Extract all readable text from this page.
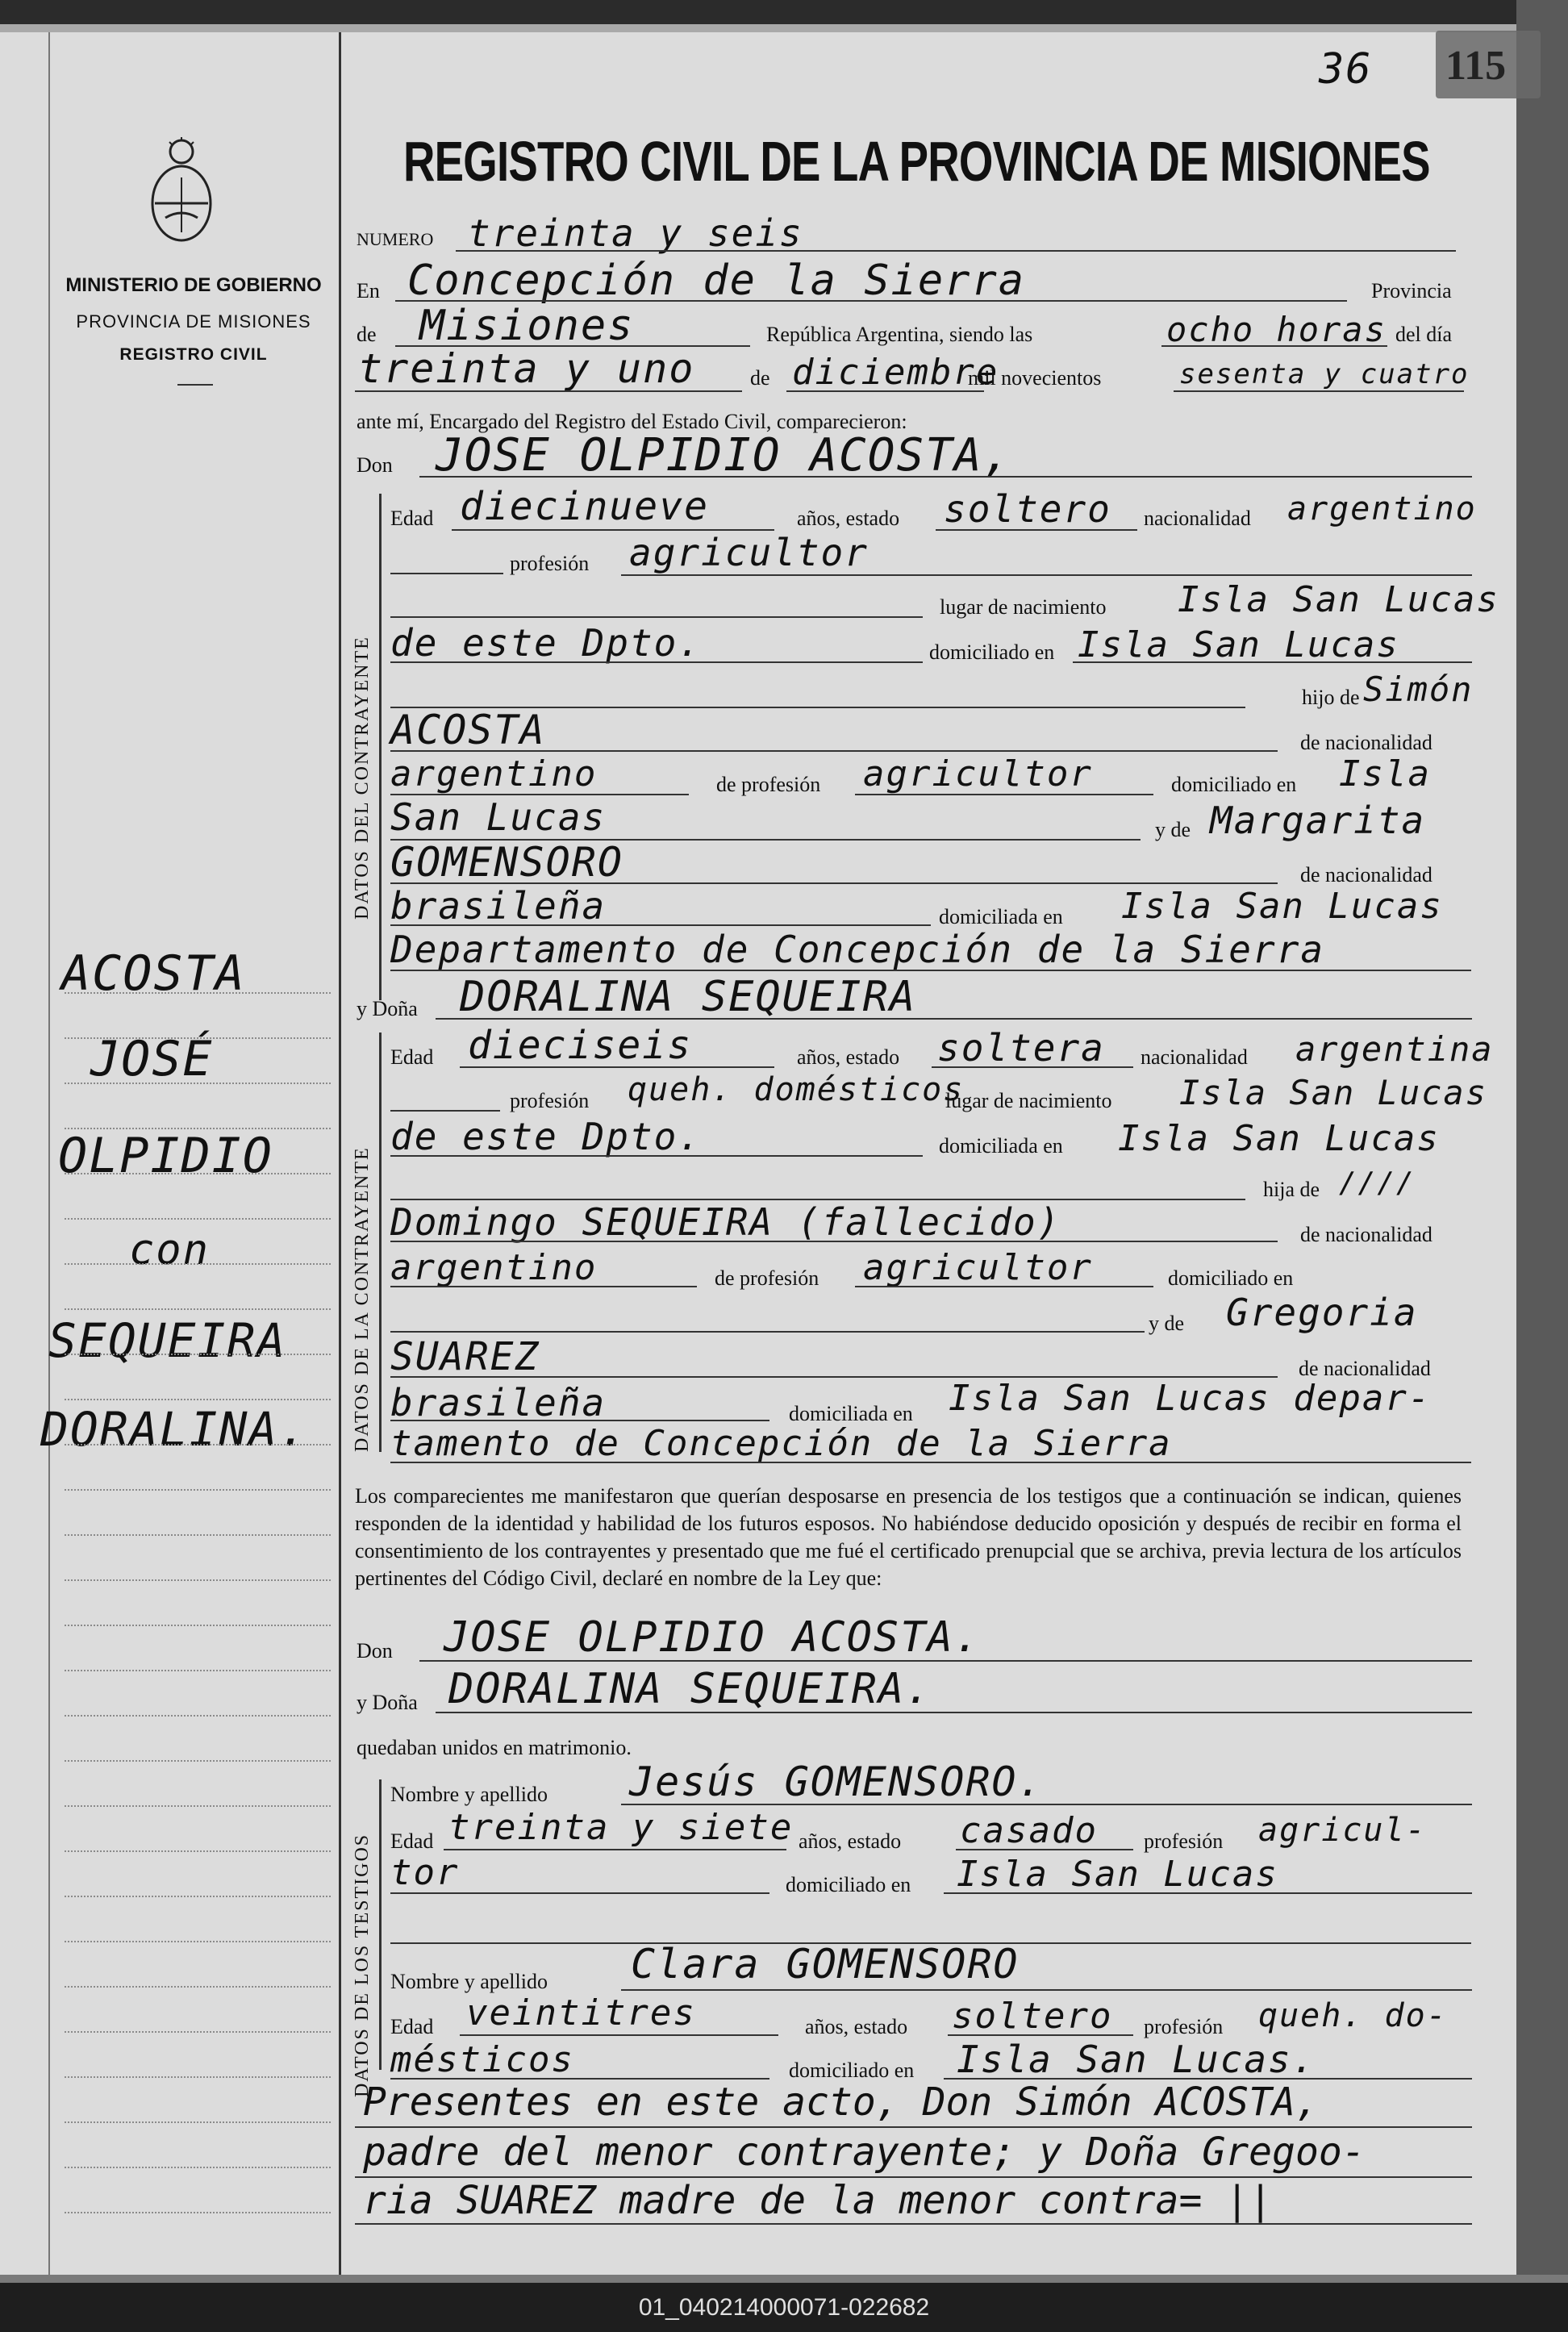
115
36
MINISTERIO DE GOBIERNO
PROVINCIA DE MISIONES
REGISTRO CIVIL
ACOSTA
JOSÉ
OLPIDIO
con
SEQUEIRA
DORALINA.
REGISTRO CIVIL DE LA PROVINCIA DE MISIONES
NUMERO treinta y seis
En Concepción de la Sierra	Provincia
de Misiones	República Argentina, siendo las	ocho horas del día
treinta y uno	de diciembre
mil novecientos	sesenta y cuatro
ante mí, Encargado del Registro del Estado Civil, comparecieron:
Don JOSE OLPIDIO ACOSTA,
DATOS DEL CONTRAYENTE
Edad diecinueve	años, estado soltero nacionalidad argentino
profesión agricultor
lugar de nacimiento Isla San Lucas
de este Dpto.	domiciliado en Isla San Lucas
hijo de Simón
ACOSTA	de nacionalidad
argentino	de profesión agricultor	domiciliado en Isla
San Lucas	y de Margarita
GOMENSORO	de nacionalidad
brasileña	domiciliada en Isla San Lucas
Departamento de Concepción de la Sierra
y Doña DORALINA SEQUEIRA
DATOS DE LA CONTRAYENTE
Edad dieciseis	años, estado soltera nacionalidad argentina
profesión queh. domésticos
lugar de nacimiento Isla San Lucas
de este Dpto.	domiciliada en Isla San Lucas
hija de ////
Domingo SEQUEIRA (fallecido)	de nacionalidad
argentino	de profesión agricultor	domiciliado en
y de Gregoria
SUAREZ	de nacionalidad
brasileña	domiciliada en Isla San Lucas depar-
tamento de Concepción de la Sierra
Los comparecientes me manifestaron que querían desposarse en presencia de los testigos que a continuación se indican, quienes responden de la identidad y habilidad de los futuros esposos. No habiéndose deducido oposición y después de recibir en forma el consentimiento de los contrayentes y presentado que me fué el certificado prenupcial que se archiva, previa lectura de los artículos pertinentes del Código Civil, declaré en nombre de la Ley que:
Don JOSE OLPIDIO ACOSTA.
y Doña DORALINA SEQUEIRA.
quedaban unidos en matrimonio.
DATOS DE LOS TESTIGOS
Nombre y apellido Jesús GOMENSORO.
Edad treinta y siete años, estado casado profesión agricul-
tor	domiciliado en Isla San Lucas
Nombre y apellido Clara GOMENSORO
Edad veintitres	años, estado soltero profesión queh. do-
mésticos	domiciliado en Isla San Lucas.
Presentes en este acto, Don Simón ACOSTA,
padre del menor contrayente; y Doña Gregoo-
ria SUAREZ madre de la menor contra= ||
01_040214000071-022682
